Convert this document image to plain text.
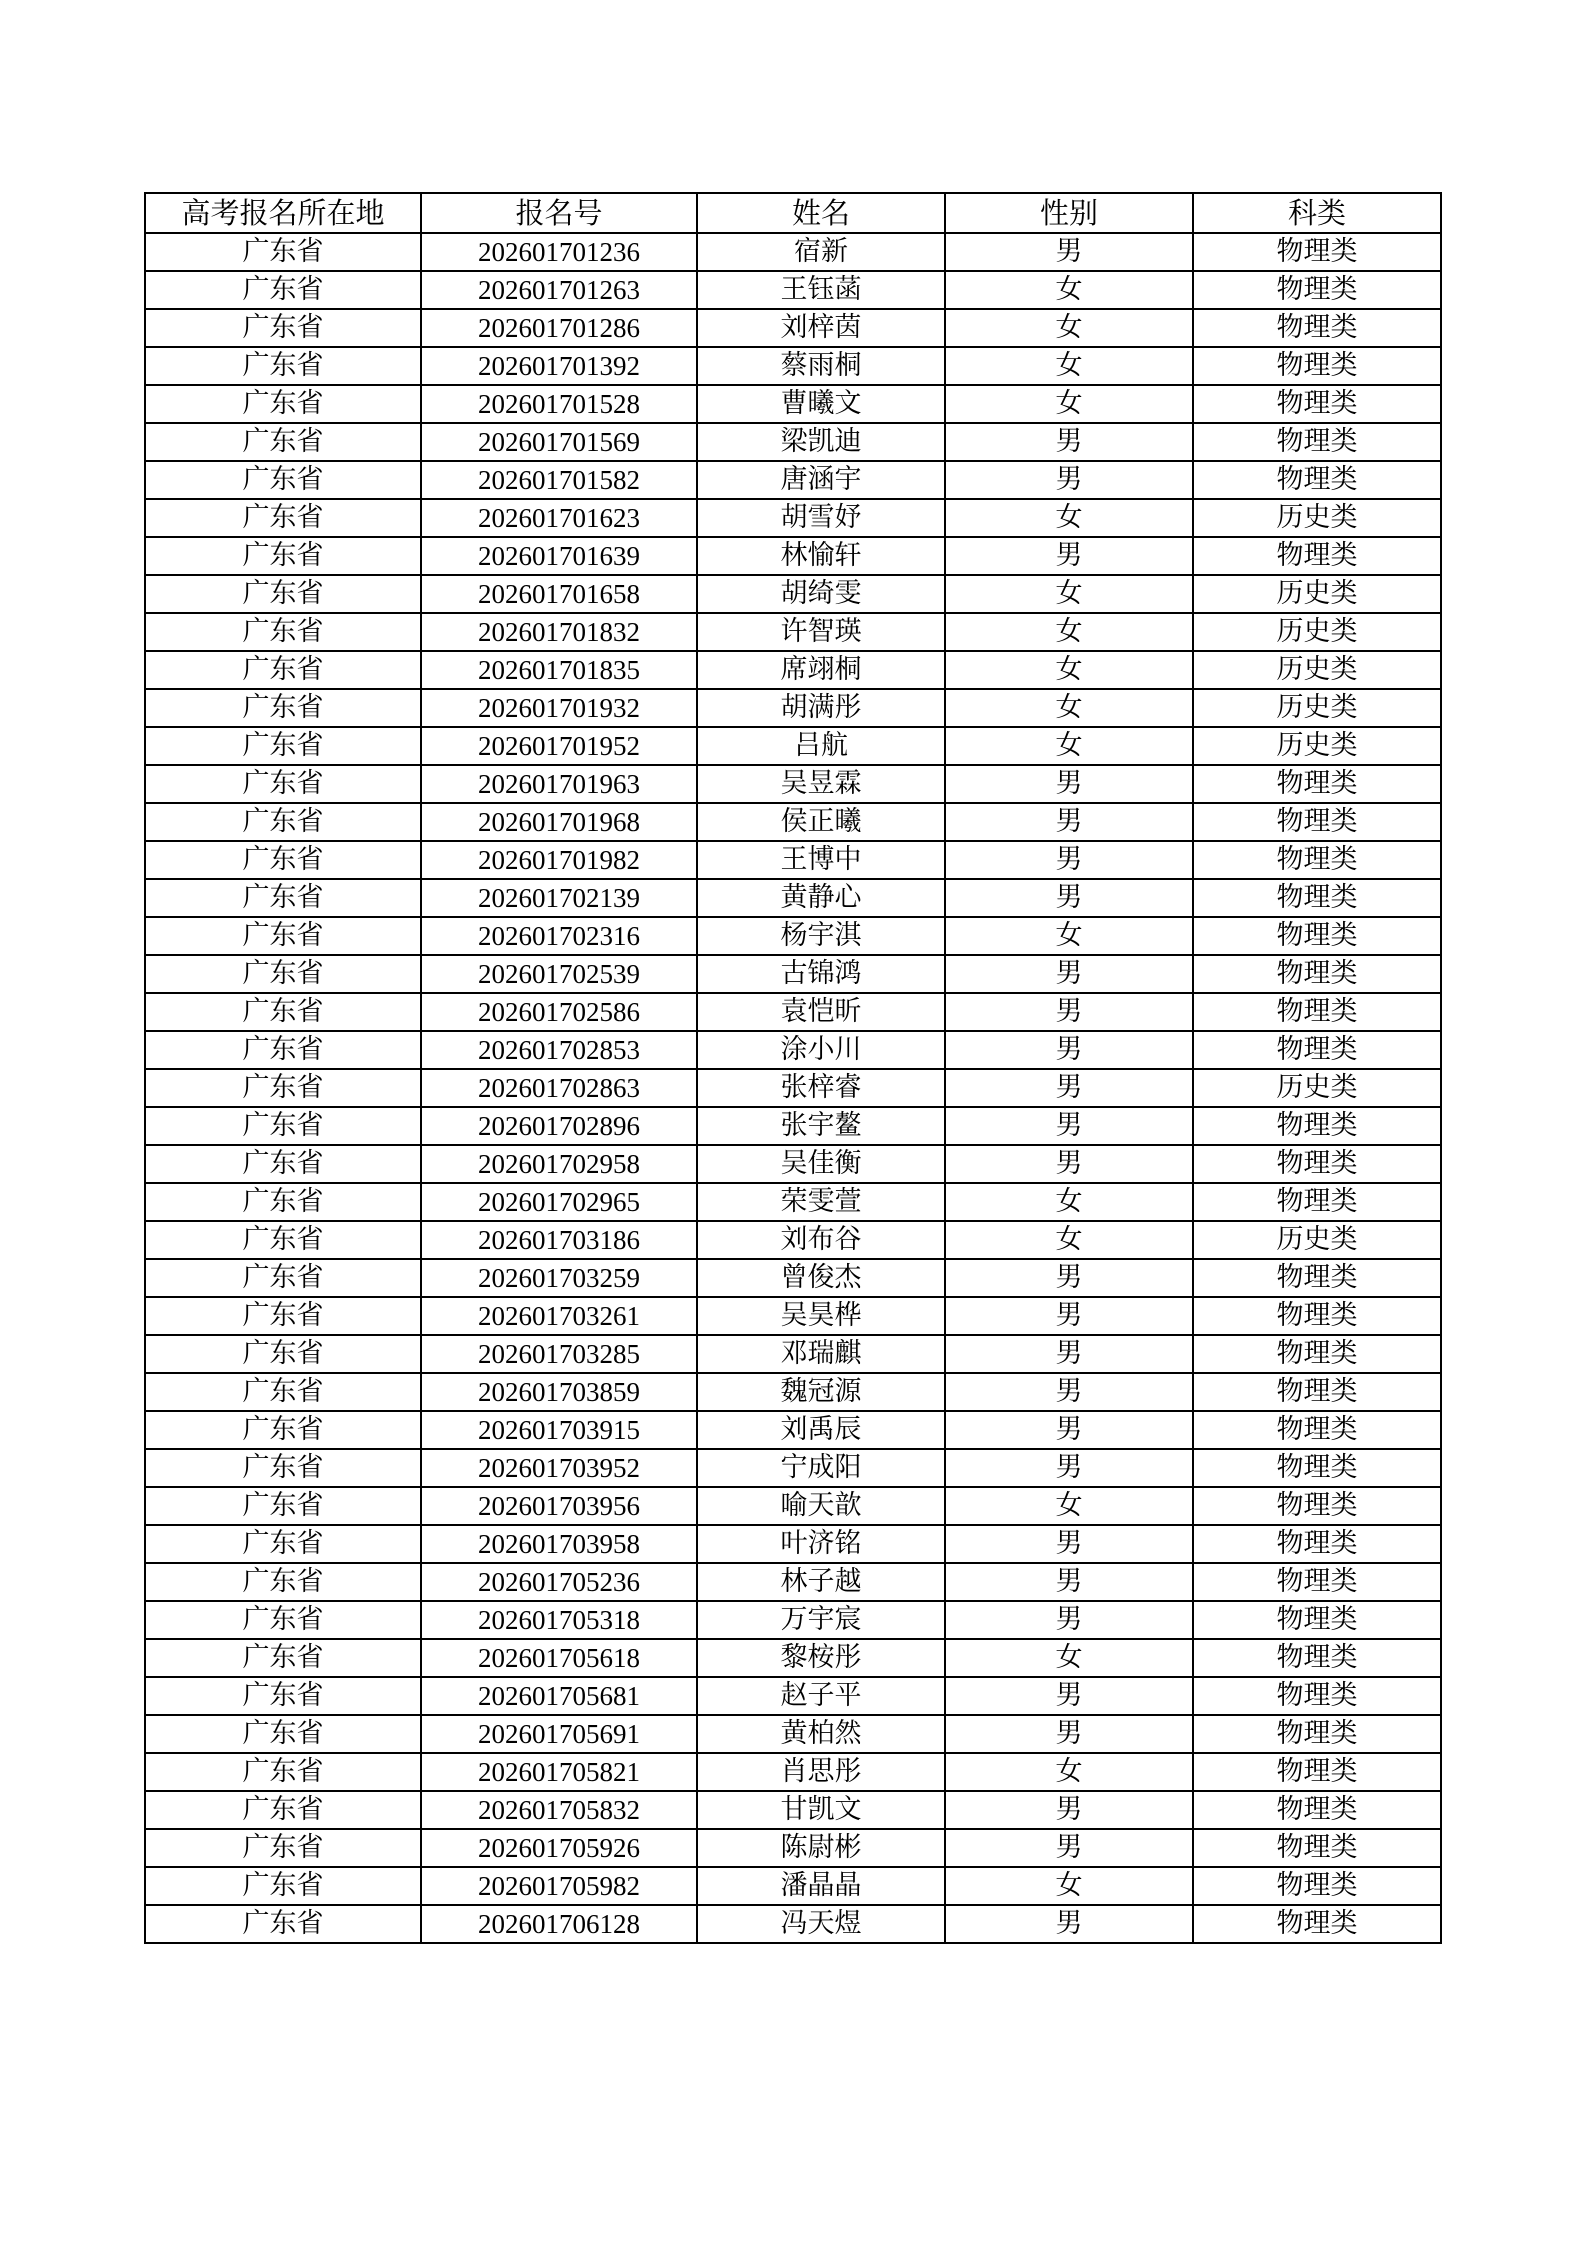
高考报名所在地	报名号	姓名	性别	科类
广东省	202601701236	宿新	男	物理类
广东省	202601701263	王钰菡	女	物理类
广东省	202601701286	刘梓茵	女	物理类
广东省	202601701392	蔡雨桐	女	物理类
广东省	202601701528	曹曦文	女	物理类
广东省	202601701569	梁凯迪	男	物理类
广东省	202601701582	唐涵宇	男	物理类
广东省	202601701623	胡雪妤	女	历史类
广东省	202601701639	林愉轩	男	物理类
广东省	202601701658	胡绮雯	女	历史类
广东省	202601701832	许智瑛	女	历史类
广东省	202601701835	席翊桐	女	历史类
广东省	202601701932	胡满彤	女	历史类
广东省	202601701952	吕航	女	历史类
广东省	202601701963	吴昱霖	男	物理类
广东省	202601701968	侯正曦	男	物理类
广东省	202601701982	王博中	男	物理类
广东省	202601702139	黄静心	男	物理类
广东省	202601702316	杨宇淇	女	物理类
广东省	202601702539	古锦鸿	男	物理类
广东省	202601702586	袁恺昕	男	物理类
广东省	202601702853	涂小川	男	物理类
广东省	202601702863	张梓睿	男	历史类
广东省	202601702896	张宇鳌	男	物理类
广东省	202601702958	吴佳衡	男	物理类
广东省	202601702965	荣雯萱	女	物理类
广东省	202601703186	刘布谷	女	历史类
广东省	202601703259	曾俊杰	男	物理类
广东省	202601703261	吴昊桦	男	物理类
广东省	202601703285	邓瑞麒	男	物理类
广东省	202601703859	魏冠源	男	物理类
广东省	202601703915	刘禹辰	男	物理类
广东省	202601703952	宁成阳	男	物理类
广东省	202601703956	喻天歆	女	物理类
广东省	202601703958	叶济铭	男	物理类
广东省	202601705236	林子越	男	物理类
广东省	202601705318	万宇宸	男	物理类
广东省	202601705618	黎桉彤	女	物理类
广东省	202601705681	赵子平	男	物理类
广东省	202601705691	黄柏然	男	物理类
广东省	202601705821	肖思彤	女	物理类
广东省	202601705832	甘凯文	男	物理类
广东省	202601705926	陈尉彬	男	物理类
广东省	202601705982	潘晶晶	女	物理类
广东省	202601706128	冯天煜	男	物理类
